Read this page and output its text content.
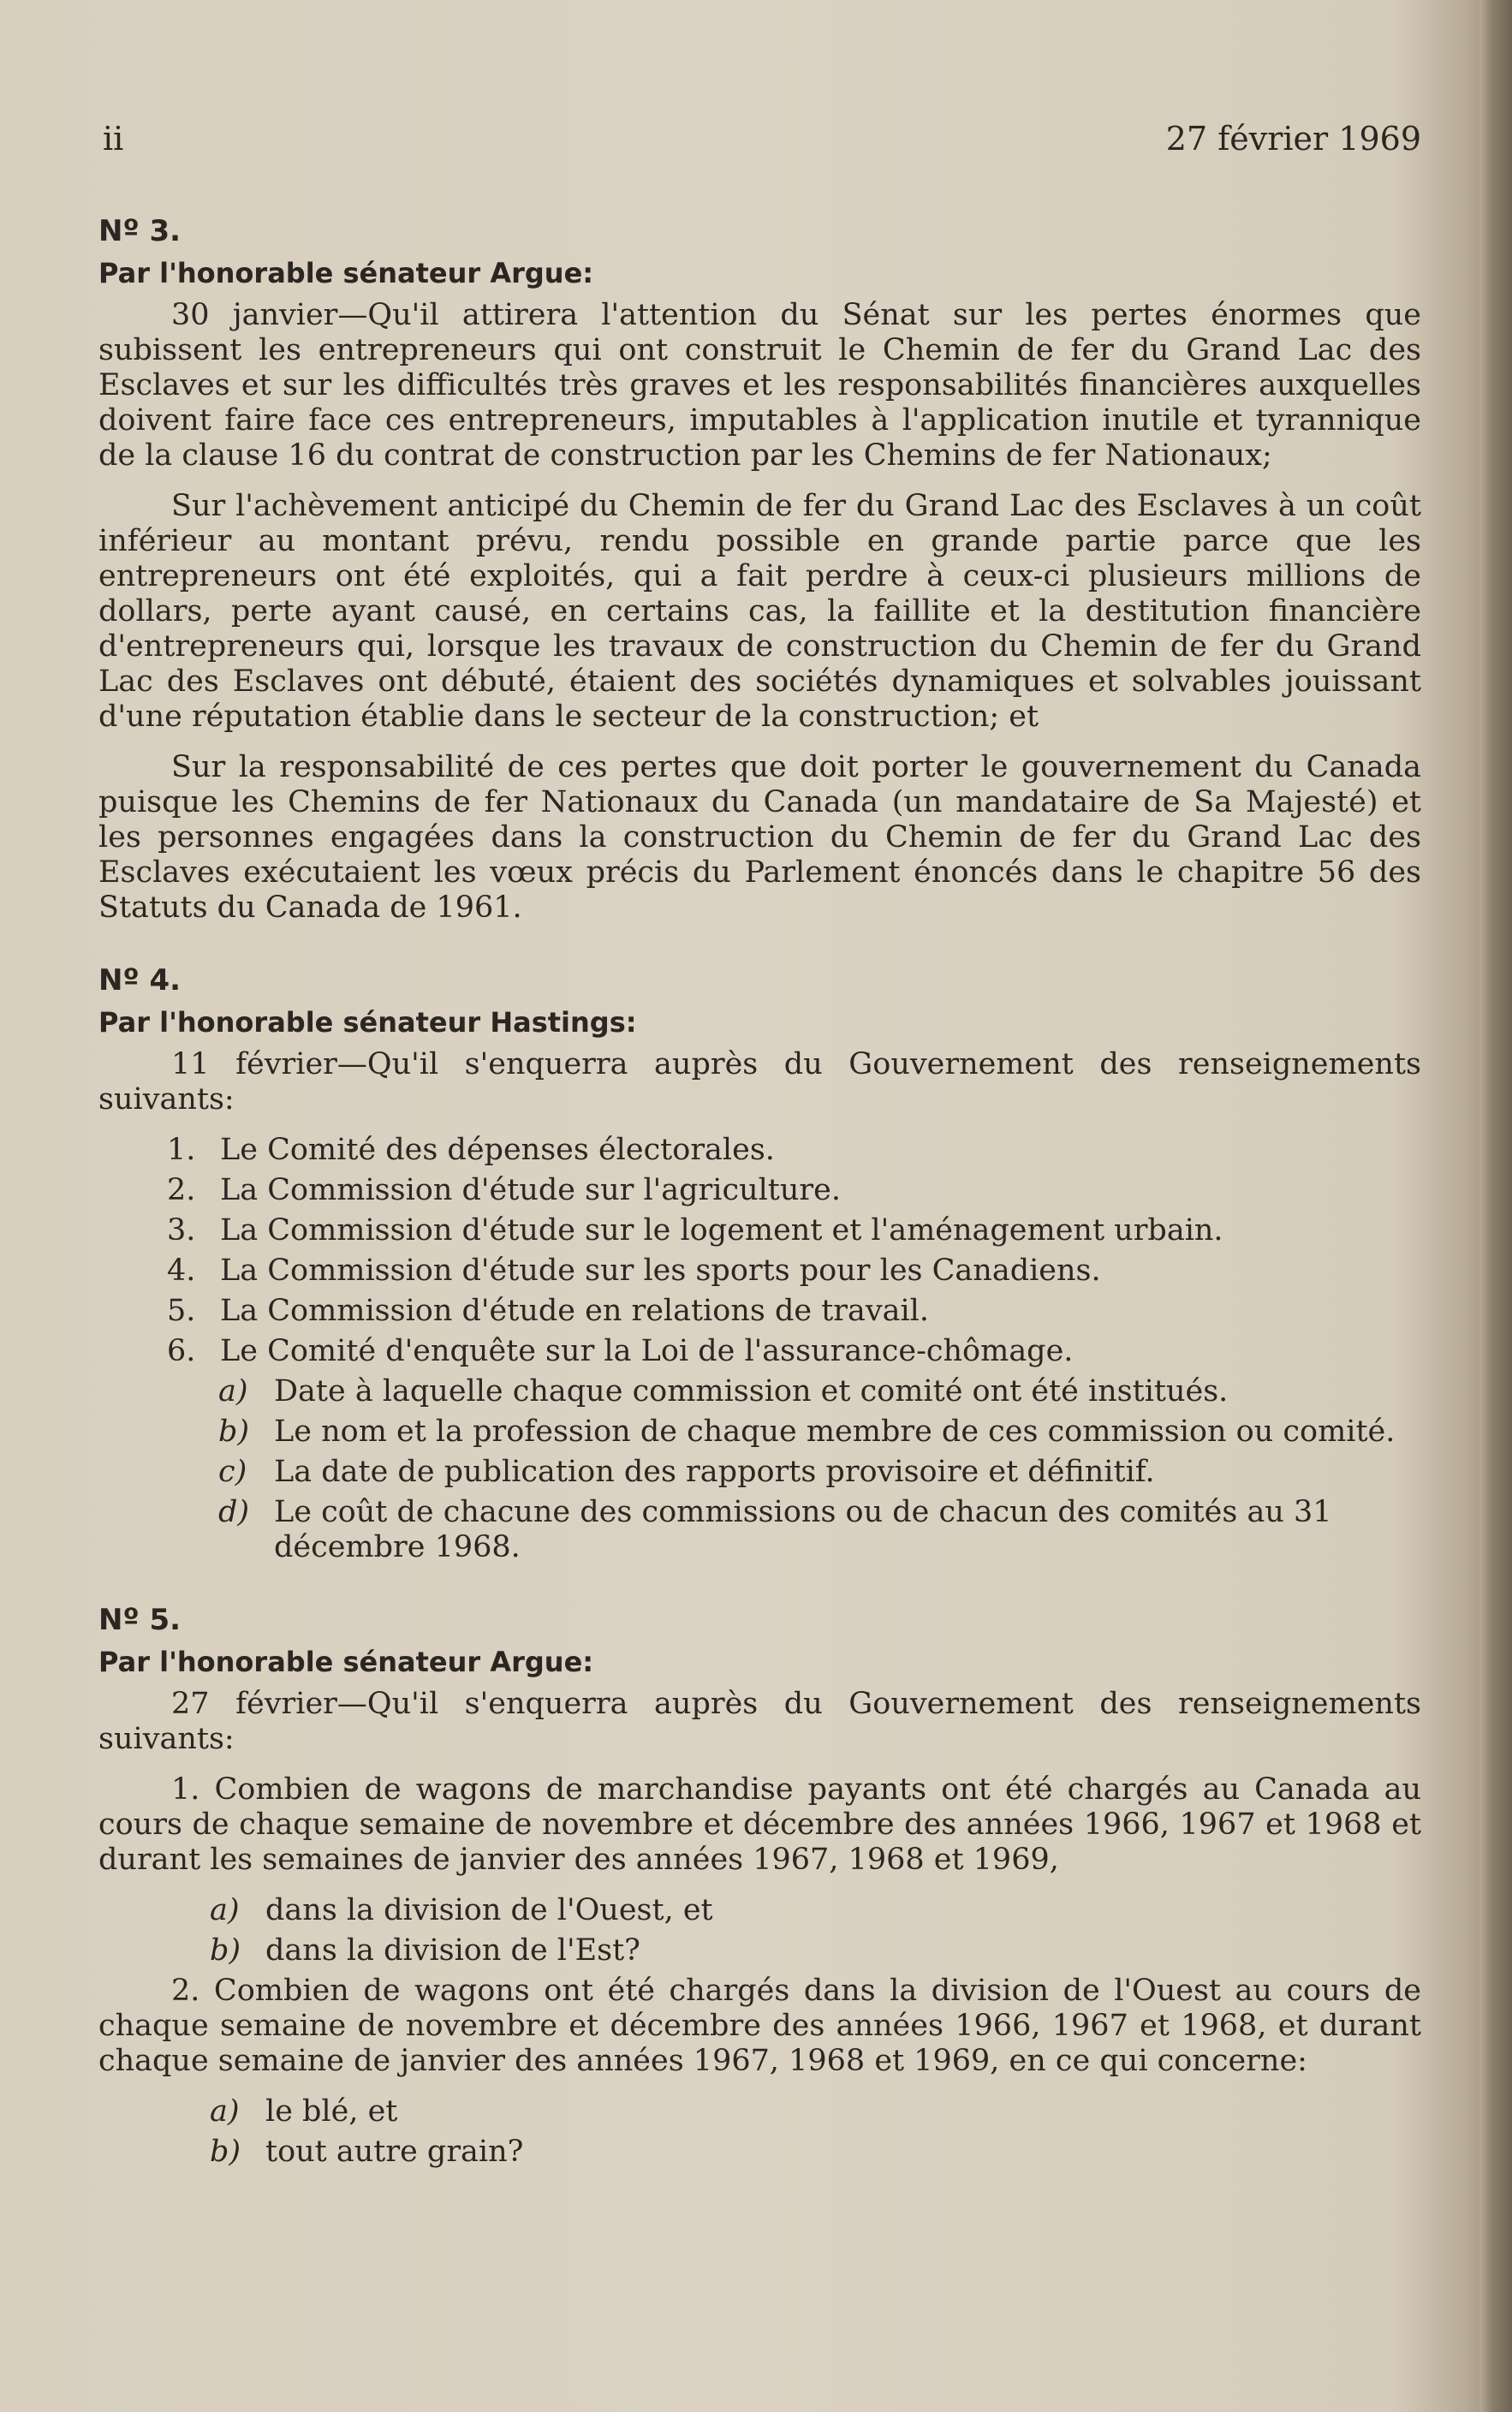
ii	27 février 1969
Nº 3.
Par l'honorable sénateur Argue:

30 janvier—Qu'il attirera l'attention du Sénat sur les pertes énormes que subissent les entrepreneurs qui ont construit le Chemin de fer du Grand Lac des Esclaves et sur les difficultés très graves et les responsabilités financières auxquelles doivent faire face ces entrepreneurs, imputables à l'application inutile et tyrannique de la clause 16 du contrat de construction par les Chemins de fer Nationaux;

Sur l'achèvement anticipé du Chemin de fer du Grand Lac des Esclaves à un coût inférieur au montant prévu, rendu possible en grande partie parce que les entrepreneurs ont été exploités, qui a fait perdre à ceux-ci plusieurs millions de dollars, perte ayant causé, en certains cas, la faillite et la destitution financière d'entrepreneurs qui, lorsque les travaux de construction du Chemin de fer du Grand Lac des Esclaves ont débuté, étaient des sociétés dynamiques et solvables jouissant d'une réputation établie dans le secteur de la construction; et

Sur la responsabilité de ces pertes que doit porter le gouvernement du Canada puisque les Chemins de fer Nationaux du Canada (un mandataire de Sa Majesté) et les personnes engagées dans la construction du Chemin de fer du Grand Lac des Esclaves exécutaient les vœux précis du Parlement énoncés dans le chapitre 56 des Statuts du Canada de 1961.

Nº 4.
Par l'honorable sénateur Hastings:

11 février—Qu'il s'enquerra auprès du Gouvernement des renseignements suivants:

1. Le Comité des dépenses électorales.
2. La Commission d'étude sur l'agriculture.
3. La Commission d'étude sur le logement et l'aménagement urbain.
4. La Commission d'étude sur les sports pour les Canadiens.
5. La Commission d'étude en relations de travail.
6. Le Comité d'enquête sur la Loi de l'assurance-chômage.
a) Date à laquelle chaque commission et comité ont été institués.
b) Le nom et la profession de chaque membre de ces commission ou comité.
c) La date de publication des rapports provisoire et définitif.
d) Le coût de chacune des commissions ou de chacun des comités au 31 décembre 1968.
Nº 5.
Par l'honorable sénateur Argue:

27 février—Qu'il s'enquerra auprès du Gouvernement des renseignements suivants:

1. Combien de wagons de marchandise payants ont été chargés au Canada au cours de chaque semaine de novembre et décembre des années 1966, 1967 et 1968 et durant les semaines de janvier des années 1967, 1968 et 1969,

a) dans la division de l'Ouest, et
b) dans la division de l'Est?

2. Combien de wagons ont été chargés dans la division de l'Ouest au cours de chaque semaine de novembre et décembre des années 1966, 1967 et 1968, et durant chaque semaine de janvier des années 1967, 1968 et 1969, en ce qui concerne:

a) le blé, et
b) tout autre grain?
